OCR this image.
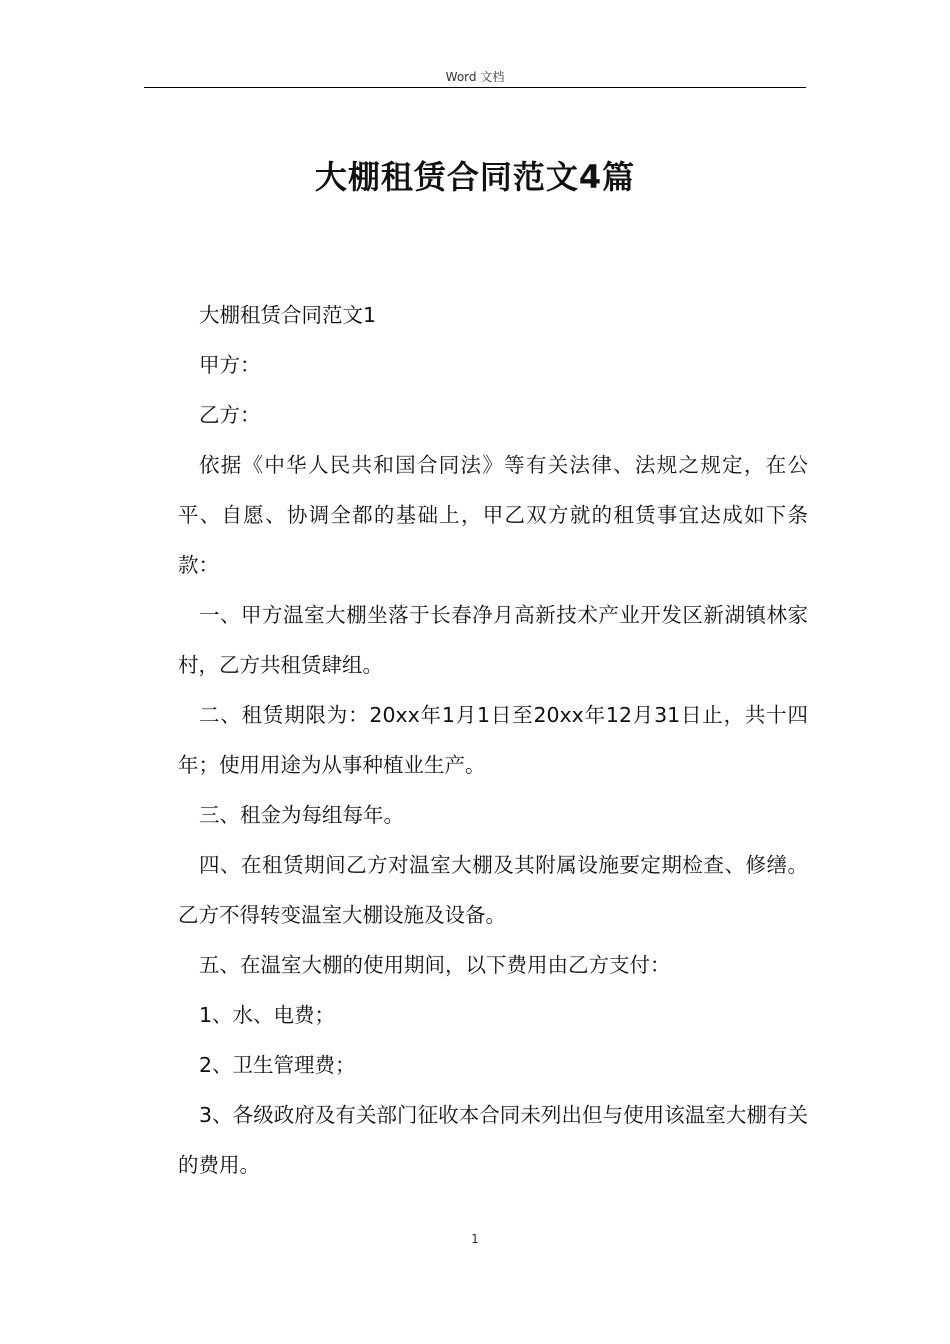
Word 文档
大棚租赁合同范文4篇

大棚租赁合同范文1

甲方：

乙方：

依据《中华人民共和国合同法》等有关法律、法规之规定，在公平、自愿、协调全都的基础上，甲乙双方就的租赁事宜达成如下条款：

一、甲方温室大棚坐落于长春净月高新技术产业开发区新湖镇林家村，乙方共租赁肆组。

二、租赁期限为：20xx年1月1日至20xx年12月31日止，共十四年；使用用途为从事种植业生产。

三、租金为每组每年。

四、在租赁期间乙方对温室大棚及其附属设施要定期检查、修缮。乙方不得转变温室大棚设施及设备。

五、在温室大棚的使用期间，以下费用由乙方支付：

1、水、电费；

2、卫生管理费；

3、各级政府及有关部门征收本合同未列出但与使用该温室大棚有关的费用。

1
